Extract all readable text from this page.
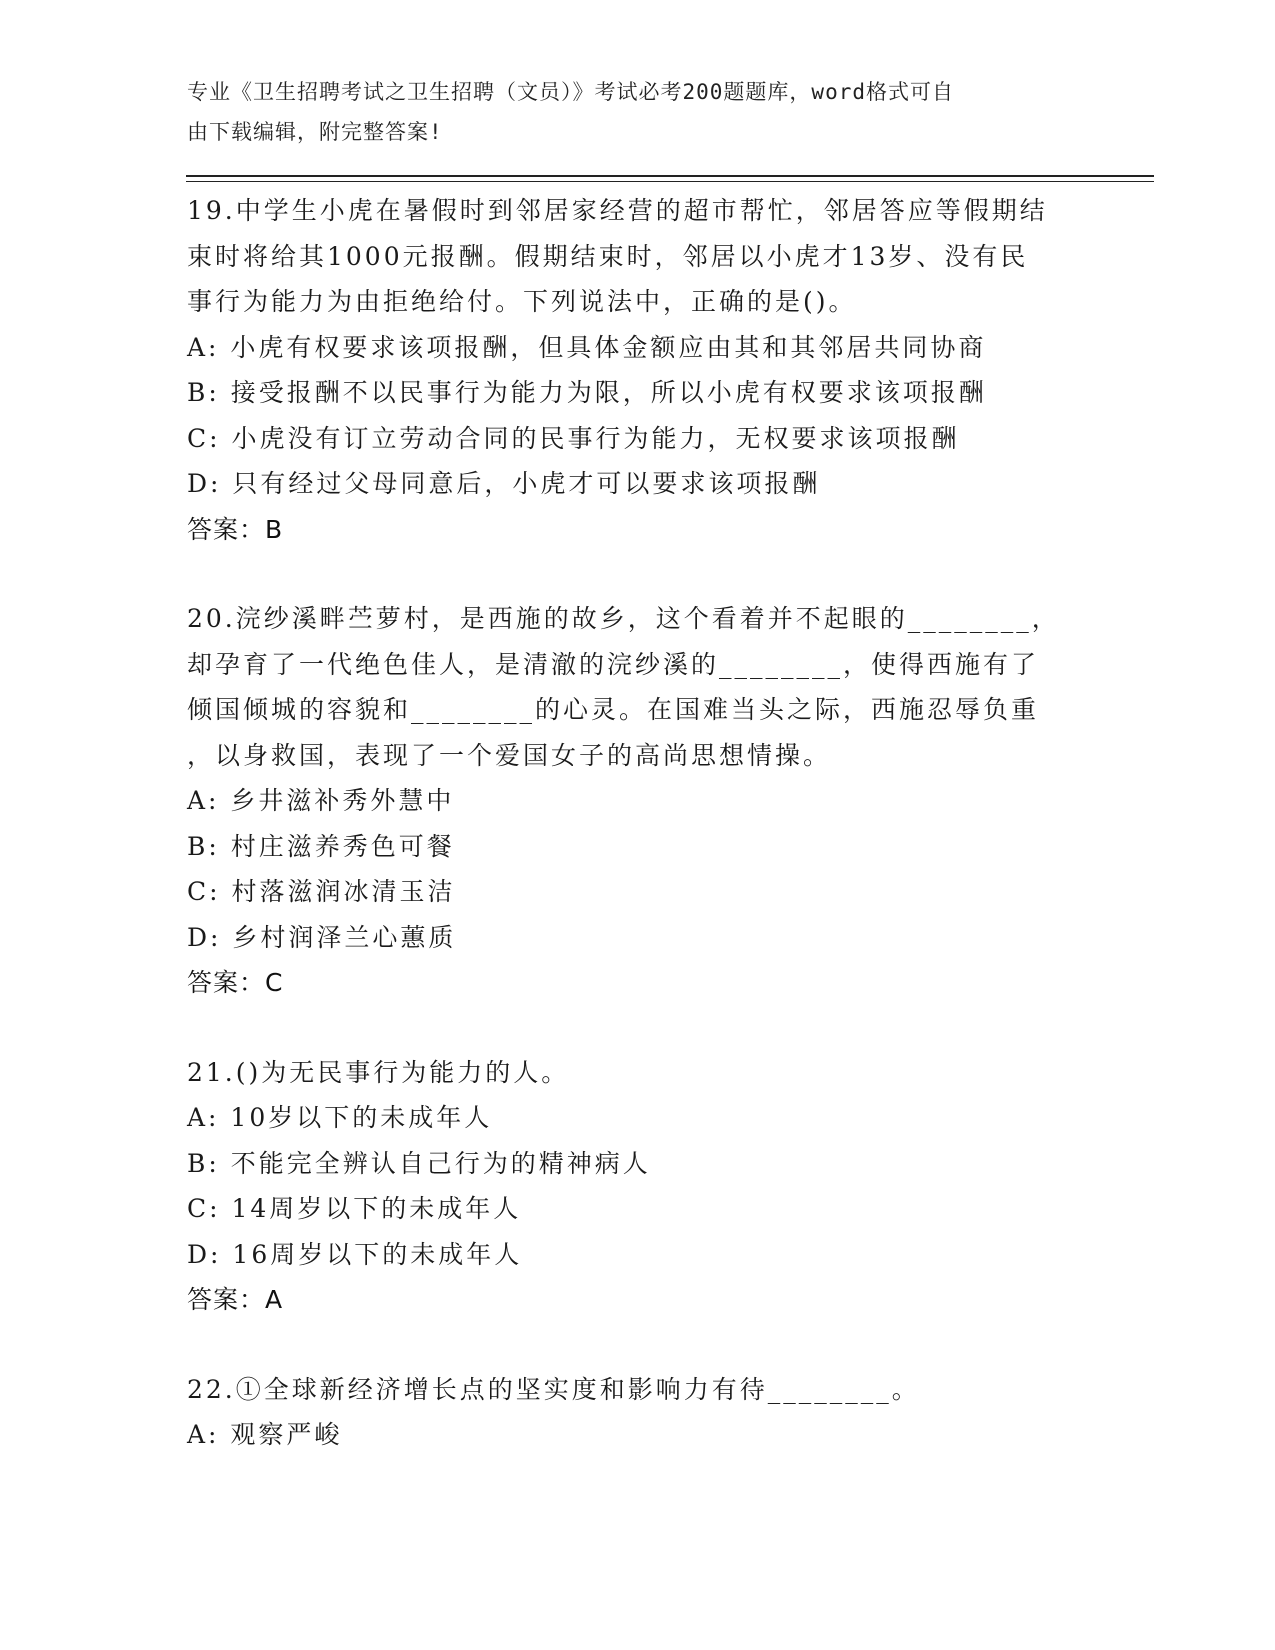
专业《卫生招聘考试之卫生招聘（文员）》考试必考200题题库，word格式可自
由下载编辑，附完整答案!
19.中学生小虎在暑假时到邻居家经营的超市帮忙，邻居答应等假期结
束时将给其1000元报酬。假期结束时，邻居以小虎才13岁、没有民
事行为能力为由拒绝给付。下列说法中，正确的是()。
A: 小虎有权要求该项报酬，但具体金额应由其和其邻居共同协商
B: 接受报酬不以民事行为能力为限，所以小虎有权要求该项报酬
C: 小虎没有订立劳动合同的民事行为能力，无权要求该项报酬
D: 只有经过父母同意后，小虎才可以要求该项报酬
答案：B
20.浣纱溪畔苎萝村，是西施的故乡，这个看着并不起眼的________，
却孕育了一代绝色佳人，是清澈的浣纱溪的________，使得西施有了
倾国倾城的容貌和________的心灵。在国难当头之际，西施忍辱负重
，以身救国，表现了一个爱国女子的高尚思想情操。
A: 乡井滋补秀外慧中
B: 村庄滋养秀色可餐
C: 村落滋润冰清玉洁
D: 乡村润泽兰心蕙质
答案：C
21.()为无民事行为能力的人。
A: 10岁以下的未成年人
B: 不能完全辨认自己行为的精神病人
C: 14周岁以下的未成年人
D: 16周岁以下的未成年人
答案：A
22.①全球新经济增长点的坚实度和影响力有待________。
A: 观察严峻
